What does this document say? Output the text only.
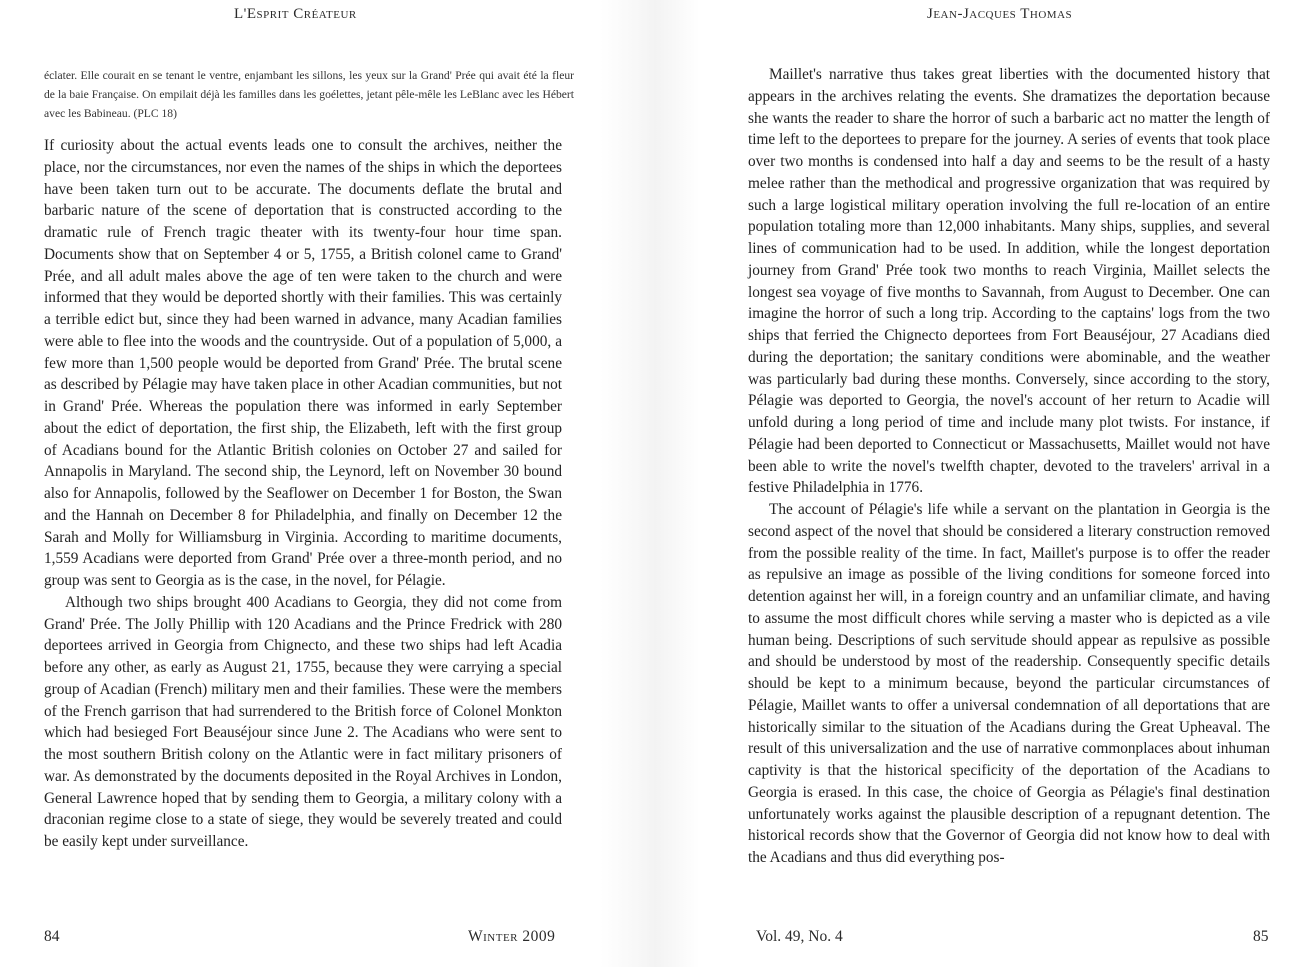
L'Esprit Créateur
éclater. Elle courait en se tenant le ventre, enjambant les sillons, les yeux sur la Grand' Prée qui avait été la fleur de la baie Française. On empilait déjà les familles dans les goélettes, jetant pêle-mêle les LeBlanc avec les Hébert avec les Babineau. (PLC 18)

If curiosity about the actual events leads one to consult the archives, neither the place, nor the circumstances, nor even the names of the ships in which the deportees have been taken turn out to be accurate. The documents deflate the brutal and barbaric nature of the scene of deportation that is constructed according to the dramatic rule of French tragic theater with its twenty-four hour time span. Documents show that on September 4 or 5, 1755, a British colonel came to Grand' Prée, and all adult males above the age of ten were taken to the church and were informed that they would be deported shortly with their families. This was certainly a terrible edict but, since they had been warned in advance, many Acadian families were able to flee into the woods and the countryside. Out of a population of 5,000, a few more than 1,500 people would be deported from Grand' Prée. The brutal scene as described by Pélagie may have taken place in other Acadian communities, but not in Grand' Prée. Whereas the population there was informed in early September about the edict of deportation, the first ship, the Elizabeth, left with the first group of Acadians bound for the Atlantic British colonies on October 27 and sailed for Annapolis in Maryland. The second ship, the Leynord, left on November 30 bound also for Annapolis, followed by the Seaflower on December 1 for Boston, the Swan and the Hannah on December 8 for Philadelphia, and finally on December 12 the Sarah and Molly for Williamsburg in Virginia. According to maritime documents, 1,559 Acadians were deported from Grand' Prée over a three-month period, and no group was sent to Georgia as is the case, in the novel, for Pélagie.

Although two ships brought 400 Acadians to Georgia, they did not come from Grand' Prée. The Jolly Phillip with 120 Acadians and the Prince Fredrick with 280 deportees arrived in Georgia from Chignecto, and these two ships had left Acadia before any other, as early as August 21, 1755, because they were carrying a special group of Acadian (French) military men and their families. These were the members of the French garrison that had surrendered to the British force of Colonel Monkton which had besieged Fort Beauséjour since June 2. The Acadians who were sent to the most southern British colony on the Atlantic were in fact military prisoners of war. As demonstrated by the documents deposited in the Royal Archives in London, General Lawrence hoped that by sending them to Georgia, a military colony with a draconian regime close to a state of siege, they would be severely treated and could be easily kept under surveillance.

84	Winter 2009
Jean-Jacques Thomas

Maillet's narrative thus takes great liberties with the documented history that appears in the archives relating the events. She dramatizes the deportation because she wants the reader to share the horror of such a barbaric act no matter the length of time left to the deportees to prepare for the journey. A series of events that took place over two months is condensed into half a day and seems to be the result of a hasty melee rather than the methodical and progressive organization that was required by such a large logistical military operation involving the full re-location of an entire population totaling more than 12,000 inhabitants. Many ships, supplies, and several lines of communication had to be used. In addition, while the longest deportation journey from Grand' Prée took two months to reach Virginia, Maillet selects the longest sea voyage of five months to Savannah, from August to December. One can imagine the horror of such a long trip. According to the captains' logs from the two ships that ferried the Chignecto deportees from Fort Beauséjour, 27 Acadians died during the deportation; the sanitary conditions were abominable, and the weather was particularly bad during these months. Conversely, since according to the story, Pélagie was deported to Georgia, the novel's account of her return to Acadie will unfold during a long period of time and include many plot twists. For instance, if Pélagie had been deported to Connecticut or Massachusetts, Maillet would not have been able to write the novel's twelfth chapter, devoted to the travelers' arrival in a festive Philadelphia in 1776.

The account of Pélagie's life while a servant on the plantation in Georgia is the second aspect of the novel that should be considered a literary construction removed from the possible reality of the time. In fact, Maillet's purpose is to offer the reader as repulsive an image as possible of the living conditions for someone forced into detention against her will, in a foreign country and an unfamiliar climate, and having to assume the most difficult chores while serving a master who is depicted as a vile human being. Descriptions of such servitude should appear as repulsive as possible and should be understood by most of the readership. Consequently specific details should be kept to a minimum because, beyond the particular circumstances of Pélagie, Maillet wants to offer a universal condemnation of all deportations that are historically similar to the situation of the Acadians during the Great Upheaval. The result of this universalization and the use of narrative commonplaces about inhuman captivity is that the historical specificity of the deportation of the Acadians to Georgia is erased. In this case, the choice of Georgia as Pélagie's final destination unfortunately works against the plausible description of a repugnant detention. The historical records show that the Governor of Georgia did not know how to deal with the Acadians and thus did everything pos-

Vol. 49, No. 4	85
